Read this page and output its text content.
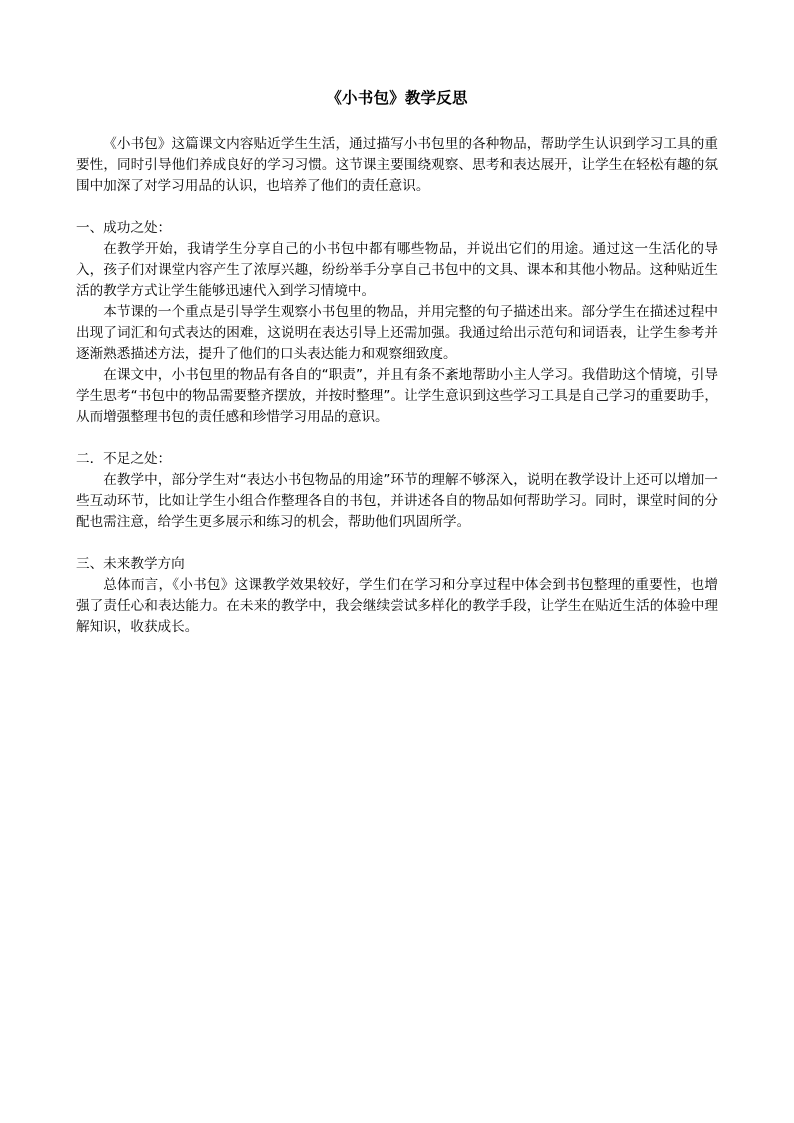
《小书包》教学反思

《小书包》这篇课文内容贴近学生生活，通过描写小书包里的各种物品，帮助学生认识到学习工具的重要性，同时引导他们养成良好的学习习惯。这节课主要围绕观察、思考和表达展开，让学生在轻松有趣的氛围中加深了对学习用品的认识，也培养了他们的责任意识。

一、成功之处：

在教学开始，我请学生分享自己的小书包中都有哪些物品，并说出它们的用途。通过这一生活化的导入，孩子们对课堂内容产生了浓厚兴趣，纷纷举手分享自己书包中的文具、课本和其他小物品。这种贴近生活的教学方式让学生能够迅速代入到学习情境中。

本节课的一个重点是引导学生观察小书包里的物品，并用完整的句子描述出来。部分学生在描述过程中出现了词汇和句式表达的困难，这说明在表达引导上还需加强。我通过给出示范句和词语表，让学生参考并逐渐熟悉描述方法，提升了他们的口头表达能力和观察细致度。

在课文中，小书包里的物品有各自的“职责”，并且有条不紊地帮助小主人学习。我借助这个情境，引导学生思考“书包中的物品需要整齐摆放，并按时整理”。让学生意识到这些学习工具是自己学习的重要助手，从而增强整理书包的责任感和珍惜学习用品的意识。

二．不足之处：

在教学中，部分学生对“表达小书包物品的用途”环节的理解不够深入，说明在教学设计上还可以增加一些互动环节，比如让学生小组合作整理各自的书包，并讲述各自的物品如何帮助学习。同时，课堂时间的分配也需注意，给学生更多展示和练习的机会，帮助他们巩固所学。

三、未来教学方向

总体而言，《小书包》这课教学效果较好，学生们在学习和分享过程中体会到书包整理的重要性，也增强了责任心和表达能力。在未来的教学中，我会继续尝试多样化的教学手段，让学生在贴近生活的体验中理解知识，收获成长。
